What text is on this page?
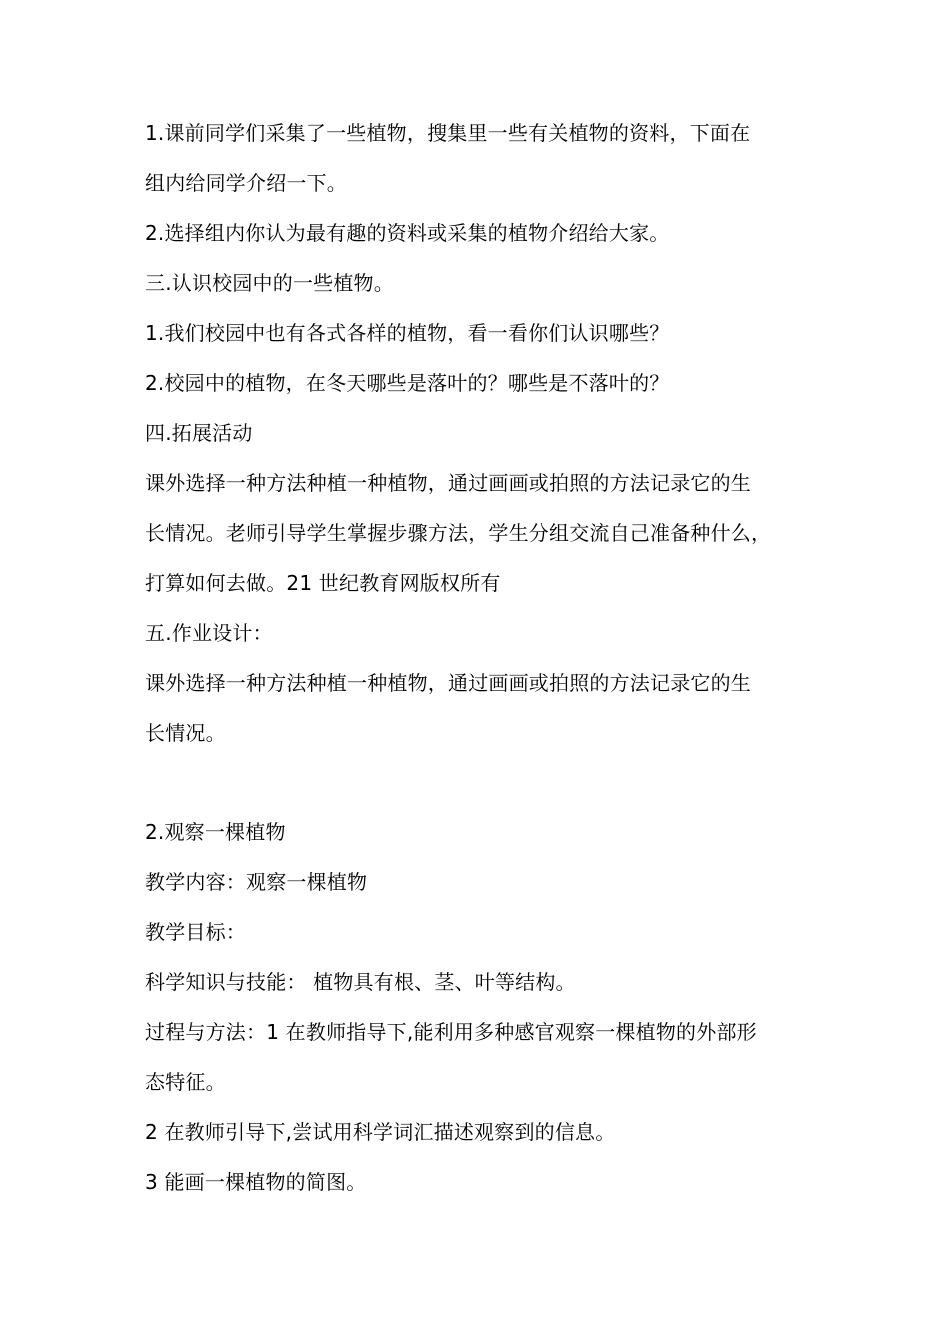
1.课前同学们采集了一些植物，搜集里一些有关植物的资料，下面在
组内给同学介绍一下。
2.选择组内你认为最有趣的资料或采集的植物介绍给大家。
三.认识校园中的一些植物。
1.我们校园中也有各式各样的植物，看一看你们认识哪些？
2.校园中的植物，在冬天哪些是落叶的？哪些是不落叶的？
四.拓展活动
课外选择一种方法种植一种植物，通过画画或拍照的方法记录它的生
长情况。老师引导学生掌握步骤方法，学生分组交流自己准备种什么，
打算如何去做。21 世纪教育网版权所有
五.作业设计：
课外选择一种方法种植一种植物，通过画画或拍照的方法记录它的生
长情况。
2.观察一棵植物
教学内容：观察一棵植物
教学目标：
科学知识与技能： 植物具有根、茎、叶等结构。
过程与方法：1 在教师指导下,能利用多种感官观察一棵植物的外部形
态特征。
2 在教师引导下,尝试用科学词汇描述观察到的信息。
3 能画一棵植物的简图。
